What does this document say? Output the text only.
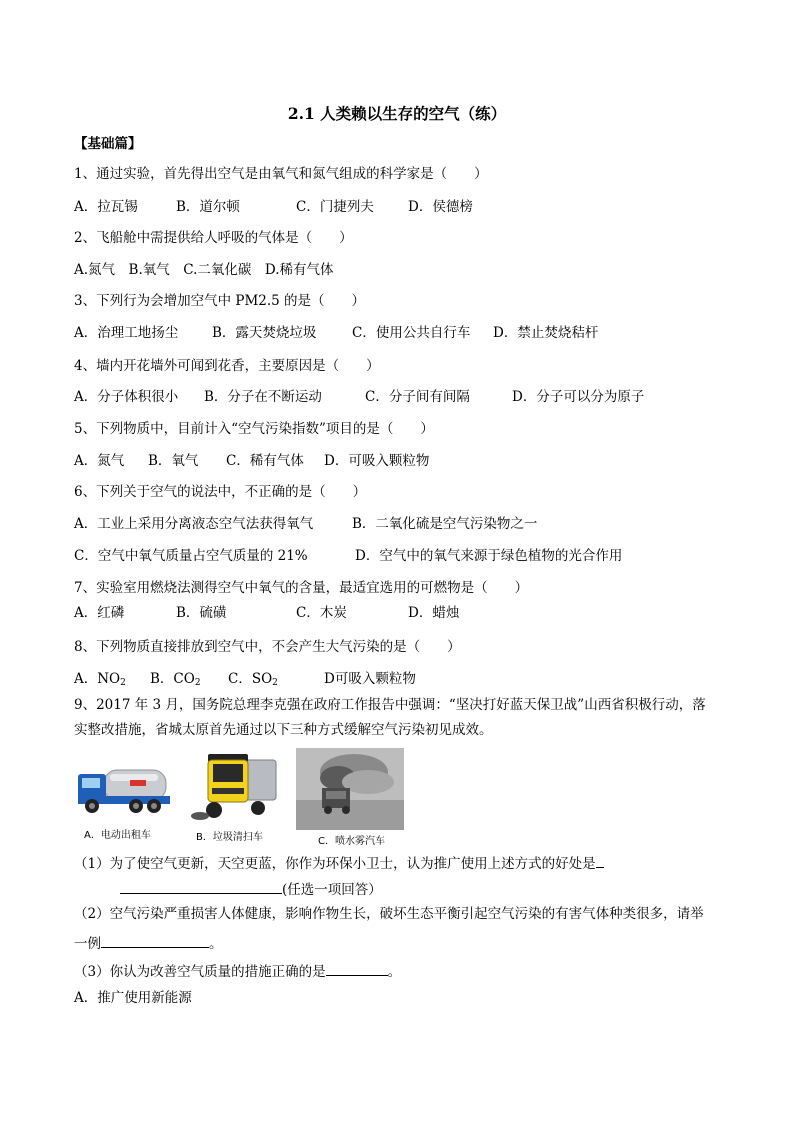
2.1 人类赖以生存的空气（练）
【基础篇】
1、通过实验，首先得出空气是由氧气和氮气组成的科学家是（　　）
A．拉瓦锡	B．道尔顿	C．门捷列夫	D．侯德榜
2、飞船舱中需提供给人呼吸的气体是（　　）
A.氮气　B.氧气　C.二氧化碳　D.稀有气体
3、下列行为会增加空气中 PM2.5 的是（　　）
A．治理工地扬尘	B．露天焚烧垃圾	C．使用公共自行车 D．禁止焚烧秸杆
4、墙内开花墙外可闻到花香，主要原因是（　　）
A．分子体积很小 B．分子在不断运动	C．分子间有间隔	D．分子可以分为原子
5、下列物质中，目前计入“空气污染指数”项目的是（　　）
A．氮气 B．氧气 C．稀有气体 D．可吸入颗粒物
6、下列关于空气的说法中，不正确的是（　　）
A．工业上采用分离液态空气法获得氧气	B．二氧化硫是空气污染物之一
C．空气中氧气质量占空气质量的 21%	D．空气中的氧气来源于绿色植物的光合作用
7、实验室用燃烧法测得空气中氧气的含量，最适宜选用的可燃物是（　　）
A．红磷	B．硫磺	C．木炭	D．蜡烛
8、下列物质直接排放到空气中，不会产生大气污染的是（　　）
A．$NO_2$ B．$CO_2$ C．$SO_2$	D可吸入颗粒物
9、2017 年 3 月，国务院总理李克强在政府工作报告中强调：“坚决打好蓝天保卫战”山西省积极行动，落
实整改措施，省城太原首先通过以下三种方式缓解空气污染初见成效。
A．电动出租车	B．垃圾清扫车	C．喷水雾汽车
（1）为了使空气更新，天空更蓝，你作为环保小卫士，认为推广使用上述方式的好处是
(任选一项回答）
（2）空气污染严重损害人体健康，影响作物生长，破坏生态平衡引起空气污染的有害气体种类很多，请举
一例	。
（3）你认为改善空气质量的措施正确的是	。
A．推广使用新能源
